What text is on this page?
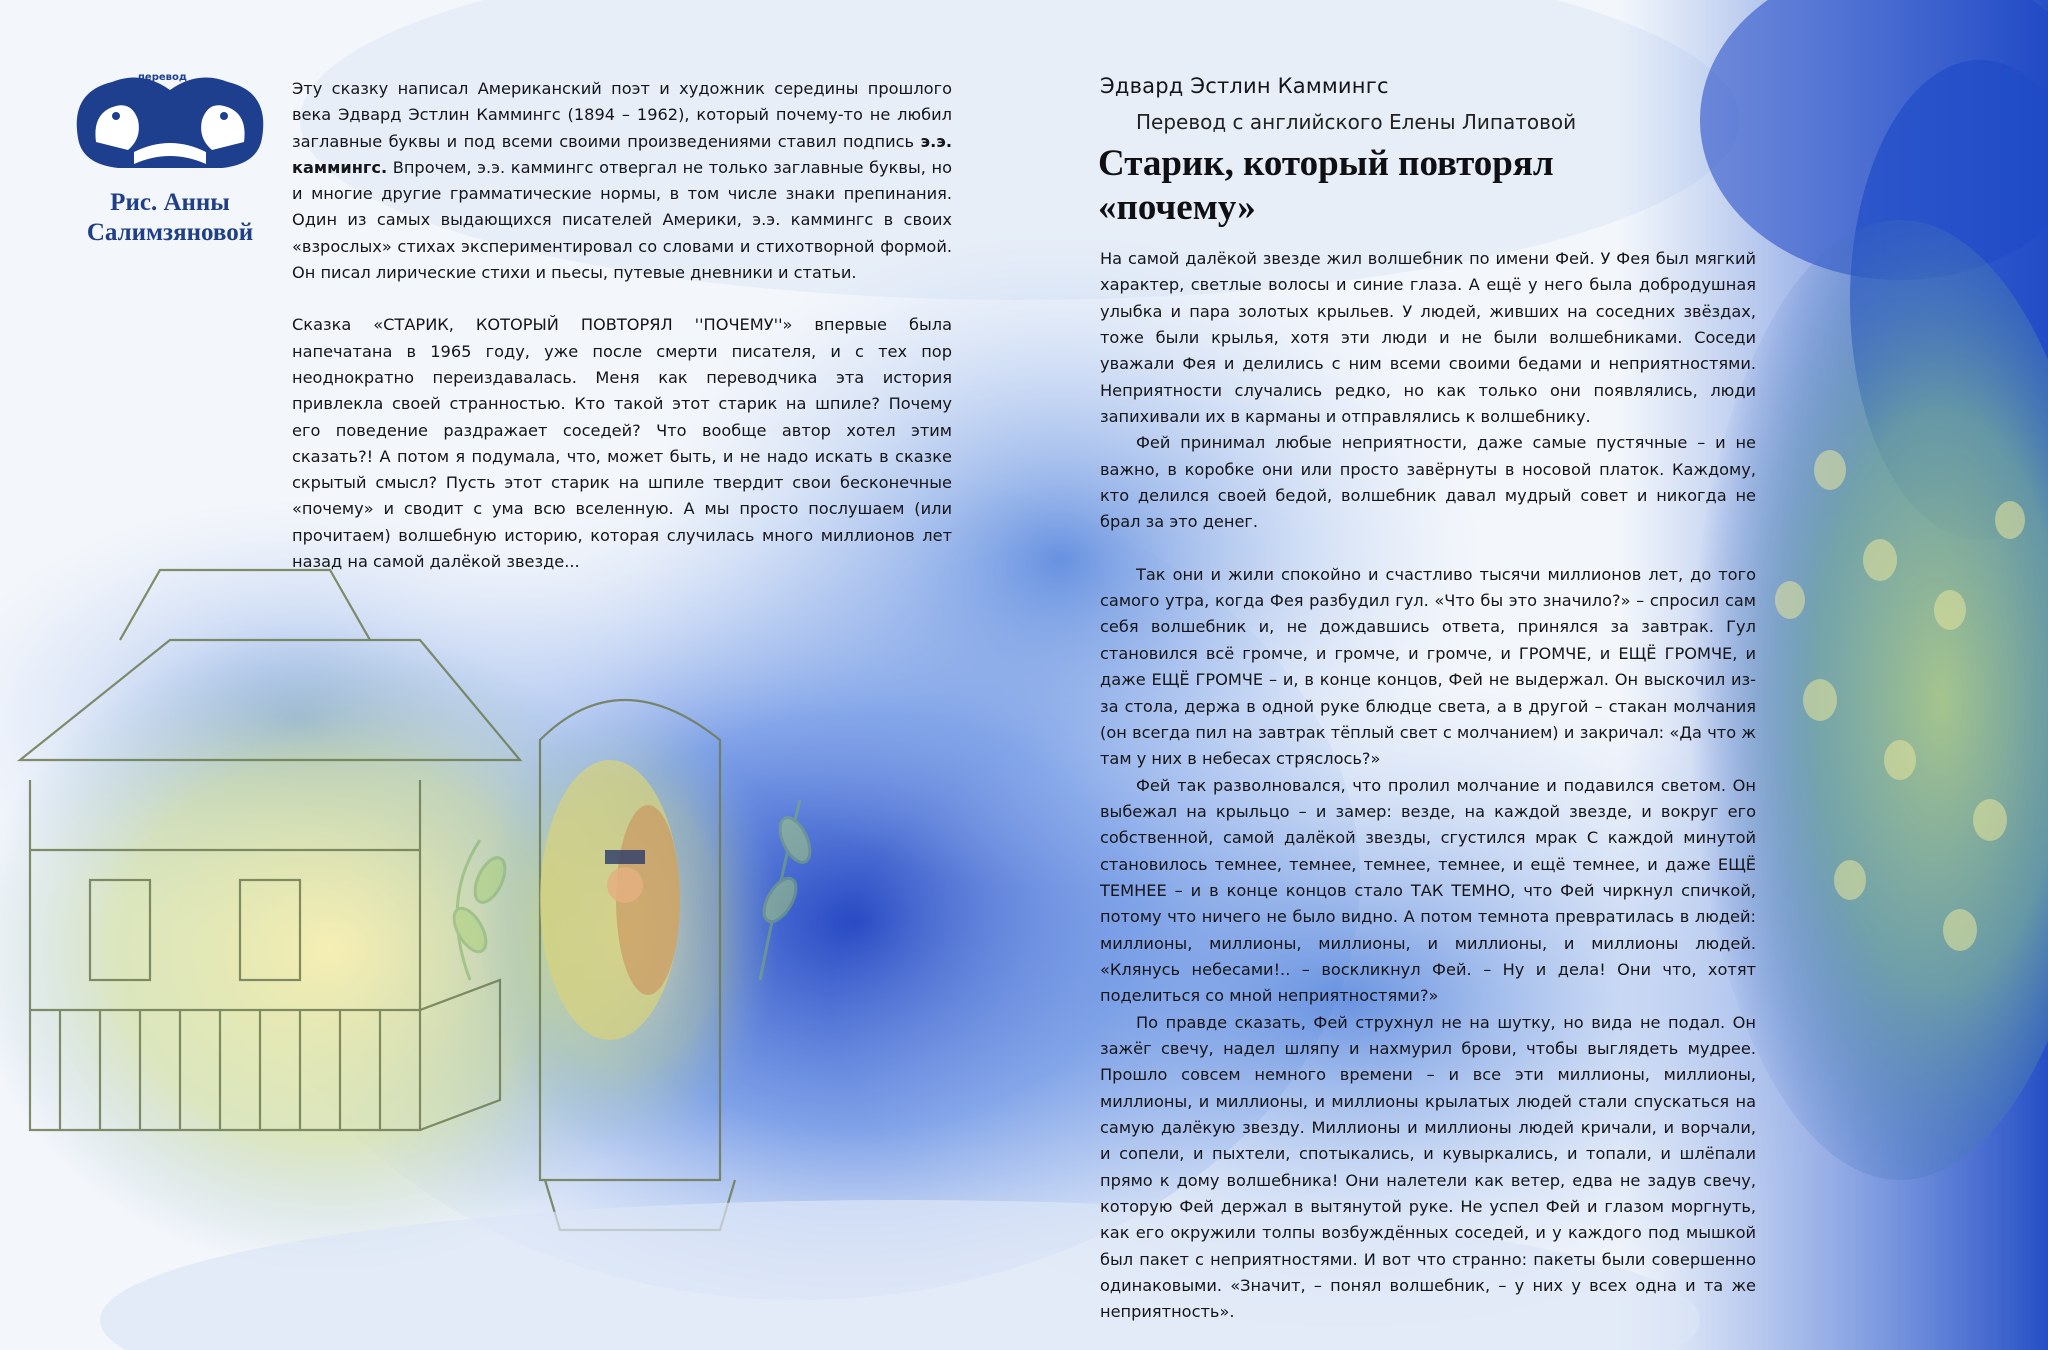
перевод
Рис. Анны
Салимзяновой

Эту сказку написал Американский поэт и художник середины прошлого века Эдвард Эстлин Каммингс (1894 – 1962), который почему-то не любил заглавные буквы и под всеми своими произведениями ставил подпись э.э. каммингс. Впрочем, э.э. каммингс отвергал не только заглавные буквы, но и многие другие грамматические нормы, в том числе знаки препинания. Один из самых выдающихся писателей Америки, э.э. каммингс в своих «взрослых» стихах экспериментировал со словами и стихотворной формой. Он писал лирические стихи и пьесы, путевые дневники и статьи.

Сказка «СТАРИК, КОТОРЫЙ ПОВТОРЯЛ ''ПОЧЕМУ''» впервые была напечатана в 1965 году, уже после смерти писателя, и с тех пор неоднократно переиздавалась. Меня как переводчика эта история привлекла своей странностью. Кто такой этот старик на шпиле? Почему его поведение раздражает соседей? Что вообще автор хотел этим сказать?! А потом я подумала, что, может быть, и не надо искать в сказке скрытый смысл? Пусть этот старик на шпиле твердит свои бесконечные «почему» и сводит с ума всю вселенную. А мы просто послушаем (или прочитаем) волшебную историю, которая случилась много миллионов лет назад на самой далёкой звезде...

Эдвард Эстлин Каммингс
Перевод с английского Елены Липатовой
Старик, который повторял
«почему»

На самой далёкой звезде жил волшебник по имени Фей. У Фея был мягкий характер, светлые волосы и синие глаза. А ещё у него была добродушная улыбка и пара золотых крыльев. У людей, живших на соседних звёздах, тоже были крылья, хотя эти люди и не были волшебниками. Соседи уважали Фея и делились с ним всеми своими бедами и неприятностями. Неприятности случались редко, но как только они появлялись, люди запихивали их в карманы и отправлялись к волшебнику.

Фей принимал любые неприятности, даже самые пустячные – и не важно, в коробке они или просто завёрнуты в носовой платок. Каждому, кто делился своей бедой, волшебник давал мудрый совет и никогда не брал за это денег.

Так они и жили спокойно и счастливо тысячи миллионов лет, до того самого утра, когда Фея разбудил гул. «Что бы это значило?» – спросил сам себя волшебник и, не дождавшись ответа, принялся за завтрак. Гул становился всё громче, и громче, и громче, и ГРОМЧЕ, и ЕЩЁ ГРОМЧЕ, и даже ЕЩЁ ГРОМЧЕ – и, в конце концов, Фей не выдержал. Он выскочил из-за стола, держа в одной руке блюдце света, а в другой – стакан молчания (он всегда пил на завтрак тёплый свет с молчанием) и закричал: «Да что ж там у них в небесах стряслось?»

Фей так разволновался, что пролил молчание и подавился светом. Он выбежал на крыльцо – и замер: везде, на каждой звезде, и вокруг его собственной, самой далёкой звезды, сгустился мрак С каждой минутой становилось темнее, темнее, темнее, темнее, и ещё темнее, и даже ЕЩЁ ТЕМНЕЕ – и в конце концов стало ТАК ТЕМНО, что Фей чиркнул спичкой, потому что ничего не было видно. А потом темнота превратилась в людей: миллионы, миллионы, миллионы, и миллионы, и миллионы людей. «Клянусь небесами!.. – воскликнул Фей. – Ну и дела! Они что, хотят поделиться со мной неприятностями?»

По правде сказать, Фей струхнул не на шутку, но вида не подал. Он зажёг свечу, надел шляпу и нахмурил брови, чтобы выглядеть мудрее. Прошло совсем немного времени – и все эти миллионы, миллионы, миллионы, и миллионы, и миллионы крылатых людей стали спускаться на самую далёкую звезду. Миллионы и миллионы людей кричали, и ворчали, и сопели, и пыхтели, спотыкались, и кувыркались, и топали, и шлёпали прямо к дому волшебника! Они налетели как ветер, едва не задув свечу, которую Фей держал в вытянутой руке. Не успел Фей и глазом моргнуть, как его окружили толпы возбуждённых соседей, и у каждого под мышкой был пакет с неприятностями. И вот что странно: пакеты были совершенно одинаковыми. «Значит, – понял волшебник, – у них у всех одна и та же неприятность».
